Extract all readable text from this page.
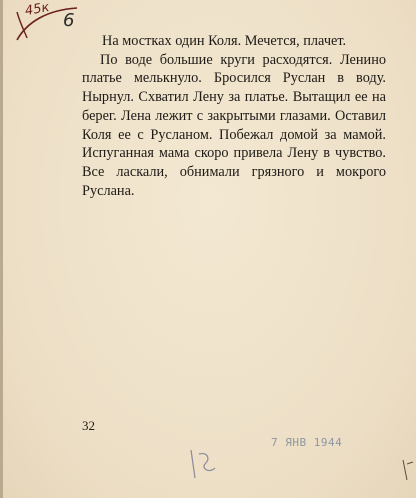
45к
6

На мостках один Коля. Мечется, плачет.

По воде большие круги расходятся. Ленино платье мелькнуло. Бросился Руслан в воду. Нырнул. Схватил Лену за платье. Вытащил ее на берег. Лена лежит с закрытыми глазами. Оставил Коля ее с Русланом. Побежал домой за мамой. Испуганная мама скоро привела Лену в чувство. Все ласкали, обнимали грязного и мокрого Руслана.

32
7 ЯНВ 1944
